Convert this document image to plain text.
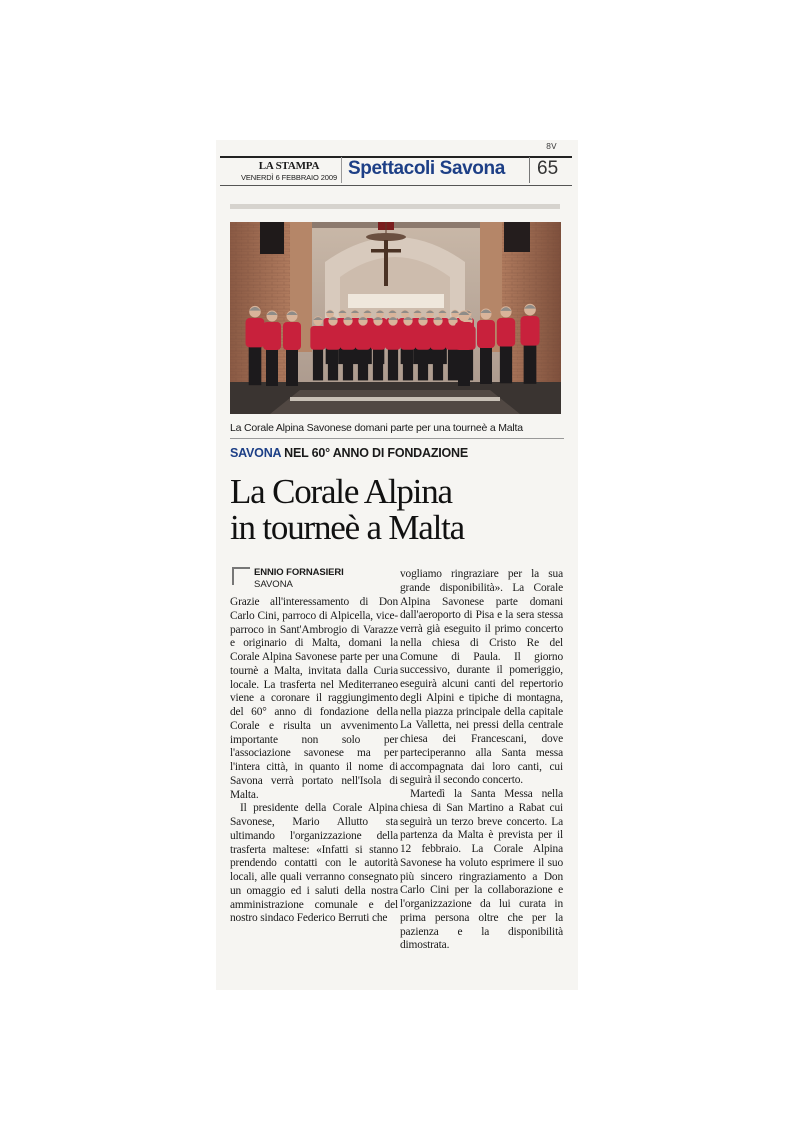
8V
LA STAMPA
VENERDÌ 6 FEBBRAIO 2009 Spettacoli Savona 65
La Corale Alpina Savonese domani parte per una tourneè a Malta
SAVONA NEL 60° ANNO DI FONDAZIONE
La Corale Alpina
in tourneè a Malta
ENNIO FORNASIERI
SAVONA

Grazie all'interessamento di Don Carlo Cini, parroco di Alpicella, vice-parroco in Sant'Ambrogio di Varazze e originario di Malta, domani la Corale Alpina Savonese parte per una tournè a Malta, invitata dalla Curia locale. La trasferta nel Mediterraneo viene a coronare il raggiungimento del 60° anno di fondazione della Corale e risulta un avvenimento importante non solo per l'associazione savonese ma per l'intera città, in quanto il nome di Savona verrà portato nell'Isola di Malta.

Il presidente della Corale Alpina Savonese, Mario Allutto sta ultimando l'organizzazione della trasferta maltese: «Infatti si stanno prendendo contatti con le autorità locali, alle quali verranno consegnato un omaggio ed i saluti della nostra amministrazione comunale e del nostro sindaco Federico Berruti che

vogliamo ringraziare per la sua grande disponibilità». La Corale Alpina Savonese parte domani dall'aeroporto di Pisa e la sera stessa verrà già eseguito il primo concerto nella chiesa di Cristo Re del Comune di Paula. Il giorno successivo, durante il pomeriggio, eseguirà alcuni canti del repertorio degli Alpini e tipiche di montagna, nella piazza principale della capitale La Valletta, nei pressi della centrale chiesa dei Francescani, dove parteciperanno alla Santa messa accompagnata dai loro canti, cui seguirà il secondo concerto.

Martedì la Santa Messa nella chiesa di San Martino a Rabat cui seguirà un terzo breve concerto. La partenza da Malta è prevista per il 12 febbraio. La Corale Alpina Savonese ha voluto esprimere il suo più sincero ringraziamento a Don Carlo Cini per la collaborazione e l'organizzazione da lui curata in prima persona oltre che per la pazienza e la disponibilità dimostrata.
